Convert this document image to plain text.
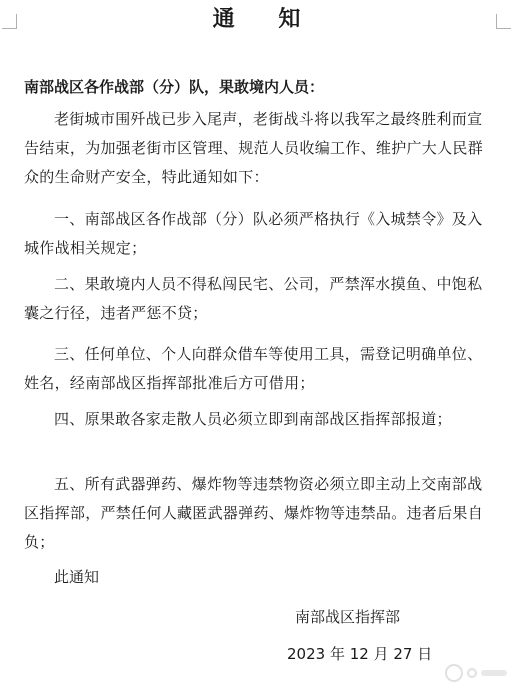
通 知
南部战区各作战部（分）队，果敢境内人员：

老街城市围歼战已步入尾声，老街战斗将以我军之最终胜利而宣告结束，为加强老街市区管理、规范人员收编工作、维护广大人民群众的生命财产安全，特此通知如下：

一、南部战区各作战部（分）队必须严格执行《入城禁令》及入城作战相关规定；

二、果敢境内人员不得私闯民宅、公司，严禁浑水摸鱼、中饱私囊之行径，违者严惩不贷；

三、任何单位、个人向群众借车等使用工具，需登记明确单位、姓名，经南部战区指挥部批准后方可借用；

四、原果敢各家走散人员必须立即到南部战区指挥部报道；

五、所有武器弹药、爆炸物等违禁物资必须立即主动上交南部战区指挥部，严禁任何人藏匿武器弹药、爆炸物等违禁品。违者后果自负；

此通知
南部战区指挥部
2023 年 12 月 27 日
